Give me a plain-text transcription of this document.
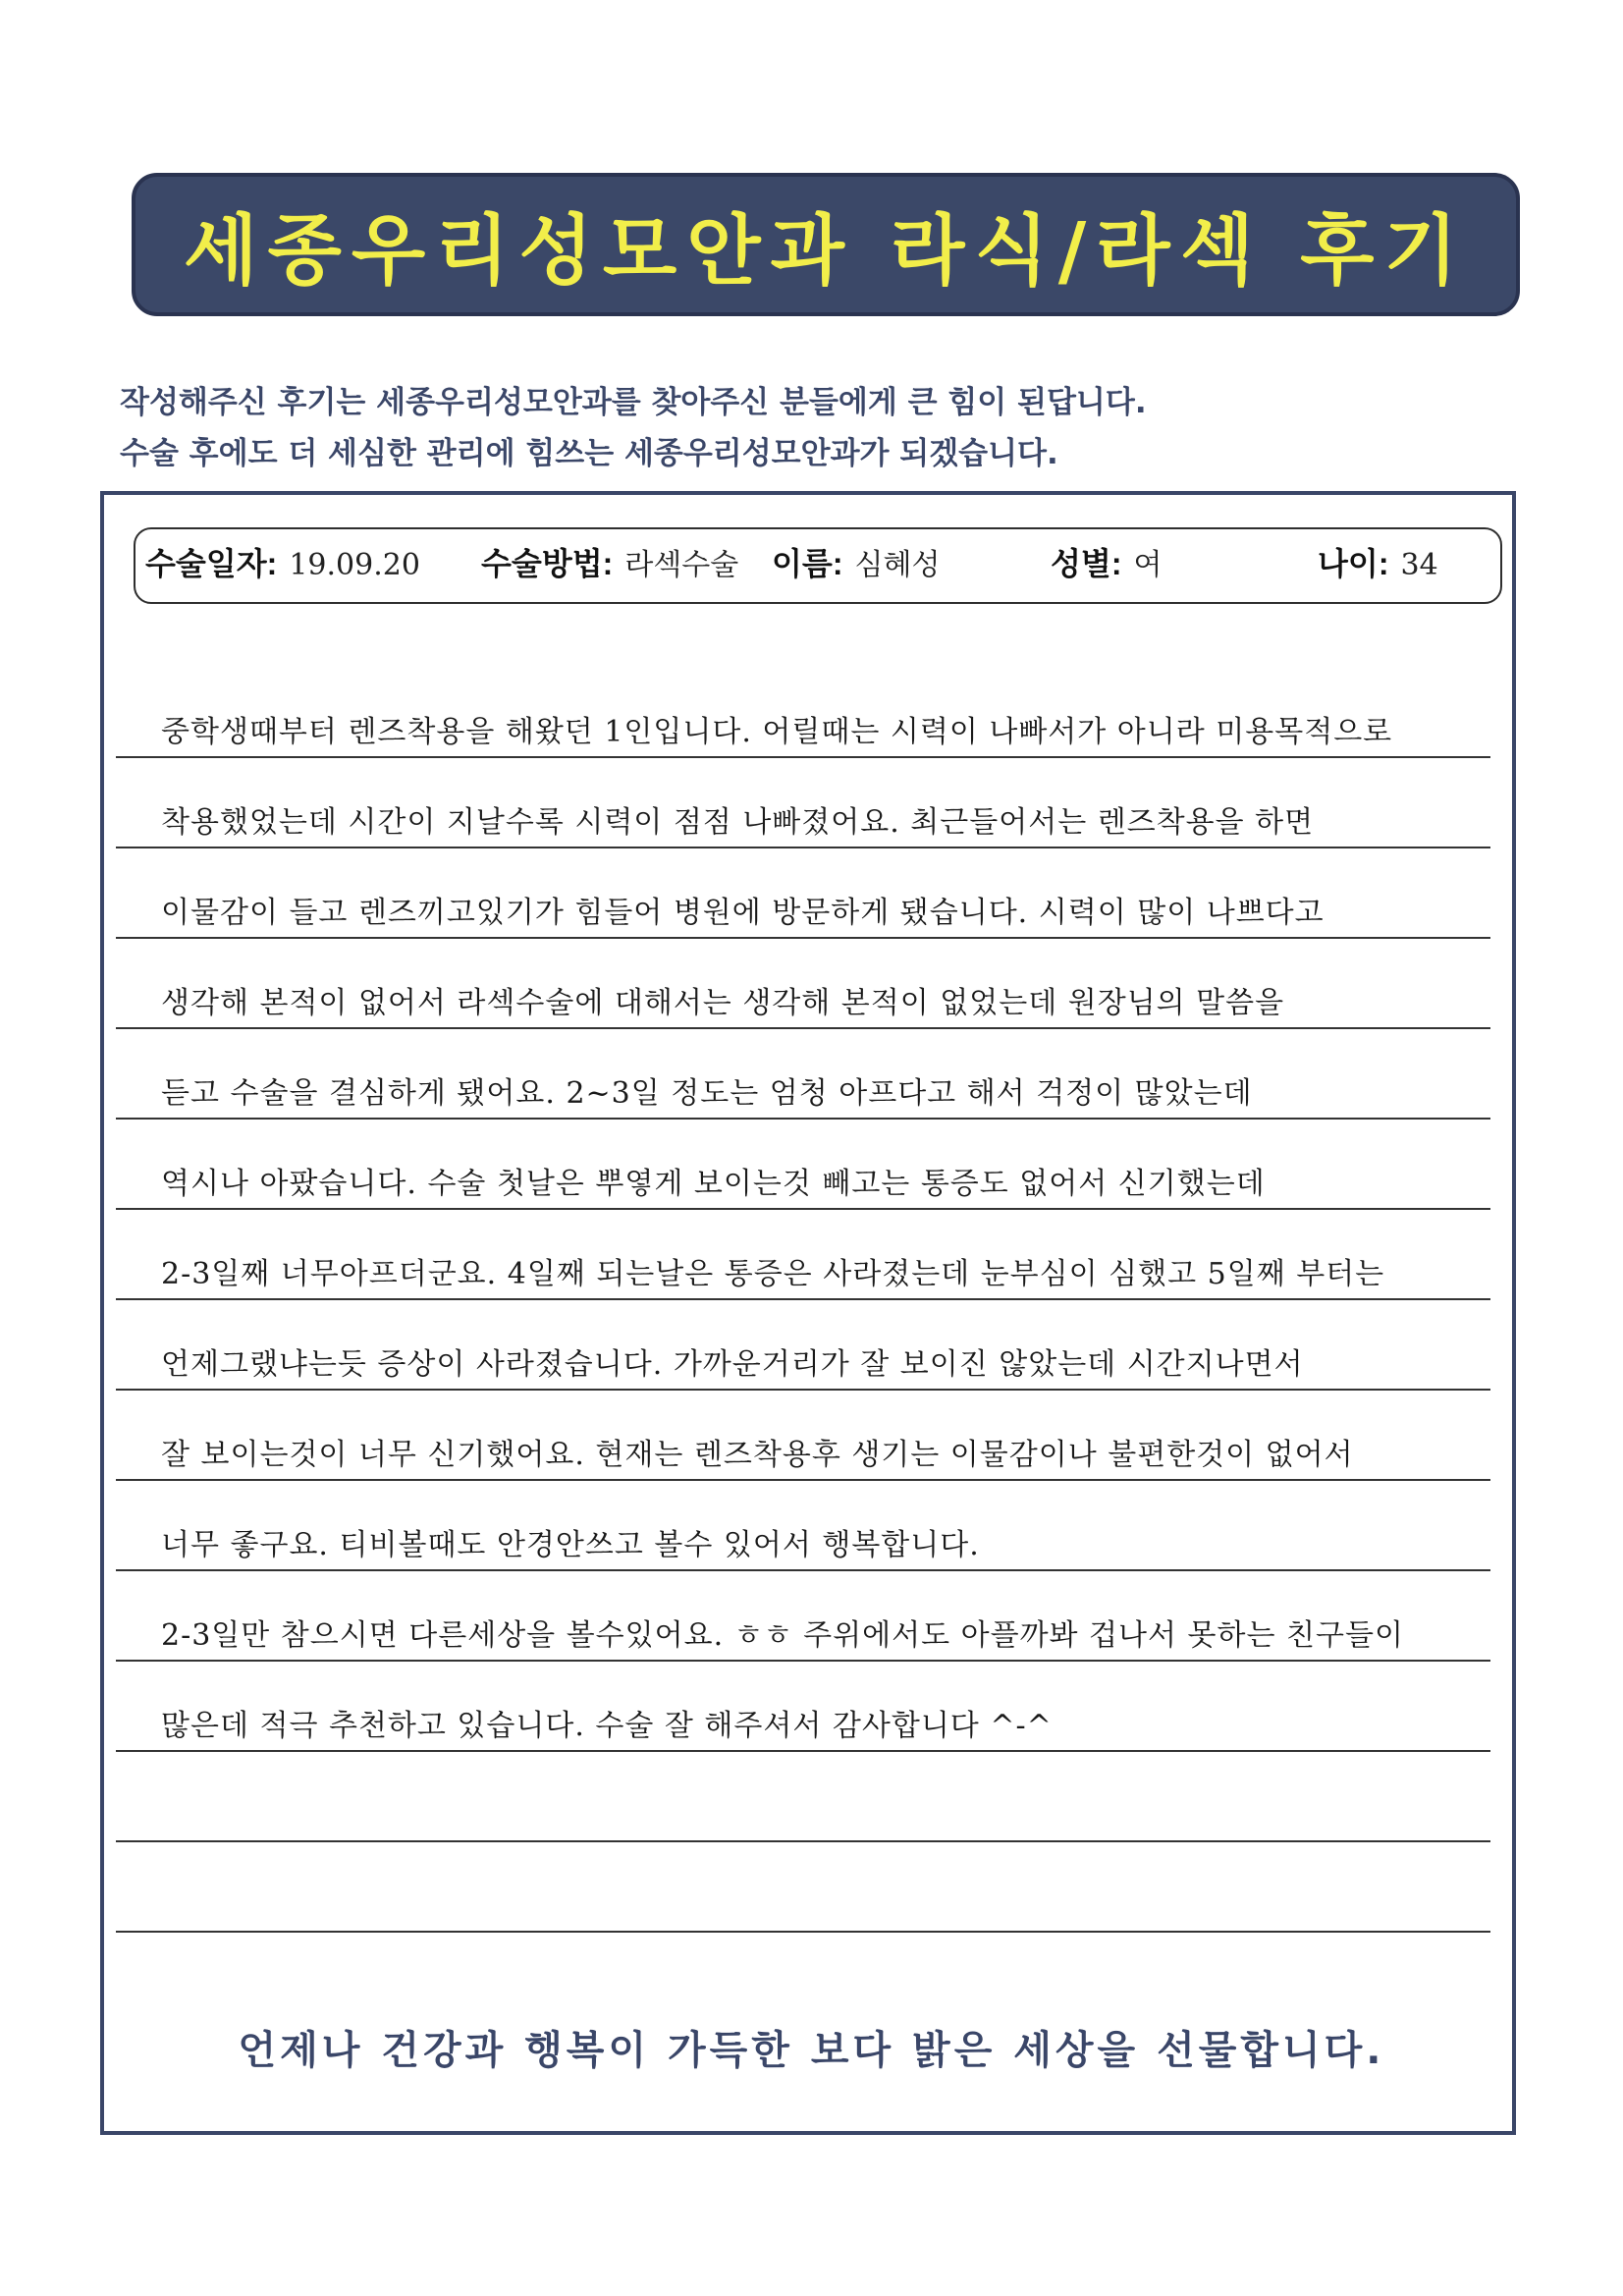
세종우리성모안과 라식/라섹 후기
작성해주신 후기는 세종우리성모안과를 찾아주신 분들에게 큰 힘이 된답니다.
수술 후에도 더 세심한 관리에 힘쓰는 세종우리성모안과가 되겠습니다.
수술일자: 19.09.20 수술방법: 라섹수술 이름: 심혜성	성별: 여	나이: 34
중학생때부터 렌즈착용을 해왔던 1인입니다. 어릴때는 시력이 나빠서가 아니라 미용목적으로
착용했었는데 시간이 지날수록 시력이 점점 나빠졌어요. 최근들어서는 렌즈착용을 하면
이물감이 들고 렌즈끼고있기가 힘들어 병원에 방문하게 됐습니다. 시력이 많이 나쁘다고
생각해 본적이 없어서 라섹수술에 대해서는 생각해 본적이 없었는데 원장님의 말씀을
듣고 수술을 결심하게 됐어요. 2~3일 정도는 엄청 아프다고 해서 걱정이 많았는데
역시나 아팠습니다. 수술 첫날은 뿌옇게 보이는것 빼고는 통증도 없어서 신기했는데
2-3일째 너무아프더군요. 4일째 되는날은 통증은 사라졌는데 눈부심이 심했고 5일째 부터는
언제그랬냐는듯 증상이 사라졌습니다. 가까운거리가 잘 보이진 않았는데 시간지나면서
잘 보이는것이 너무 신기했어요. 현재는 렌즈착용후 생기는 이물감이나 불편한것이 없어서
너무 좋구요. 티비볼때도 안경안쓰고 볼수 있어서 행복합니다.
2-3일만 참으시면 다른세상을 볼수있어요. ㅎㅎ 주위에서도 아플까봐 겁나서 못하는 친구들이
많은데 적극 추천하고 있습니다. 수술 잘 해주셔서 감사합니다 ^-^
언제나 건강과 행복이 가득한 보다 밝은 세상을 선물합니다.
